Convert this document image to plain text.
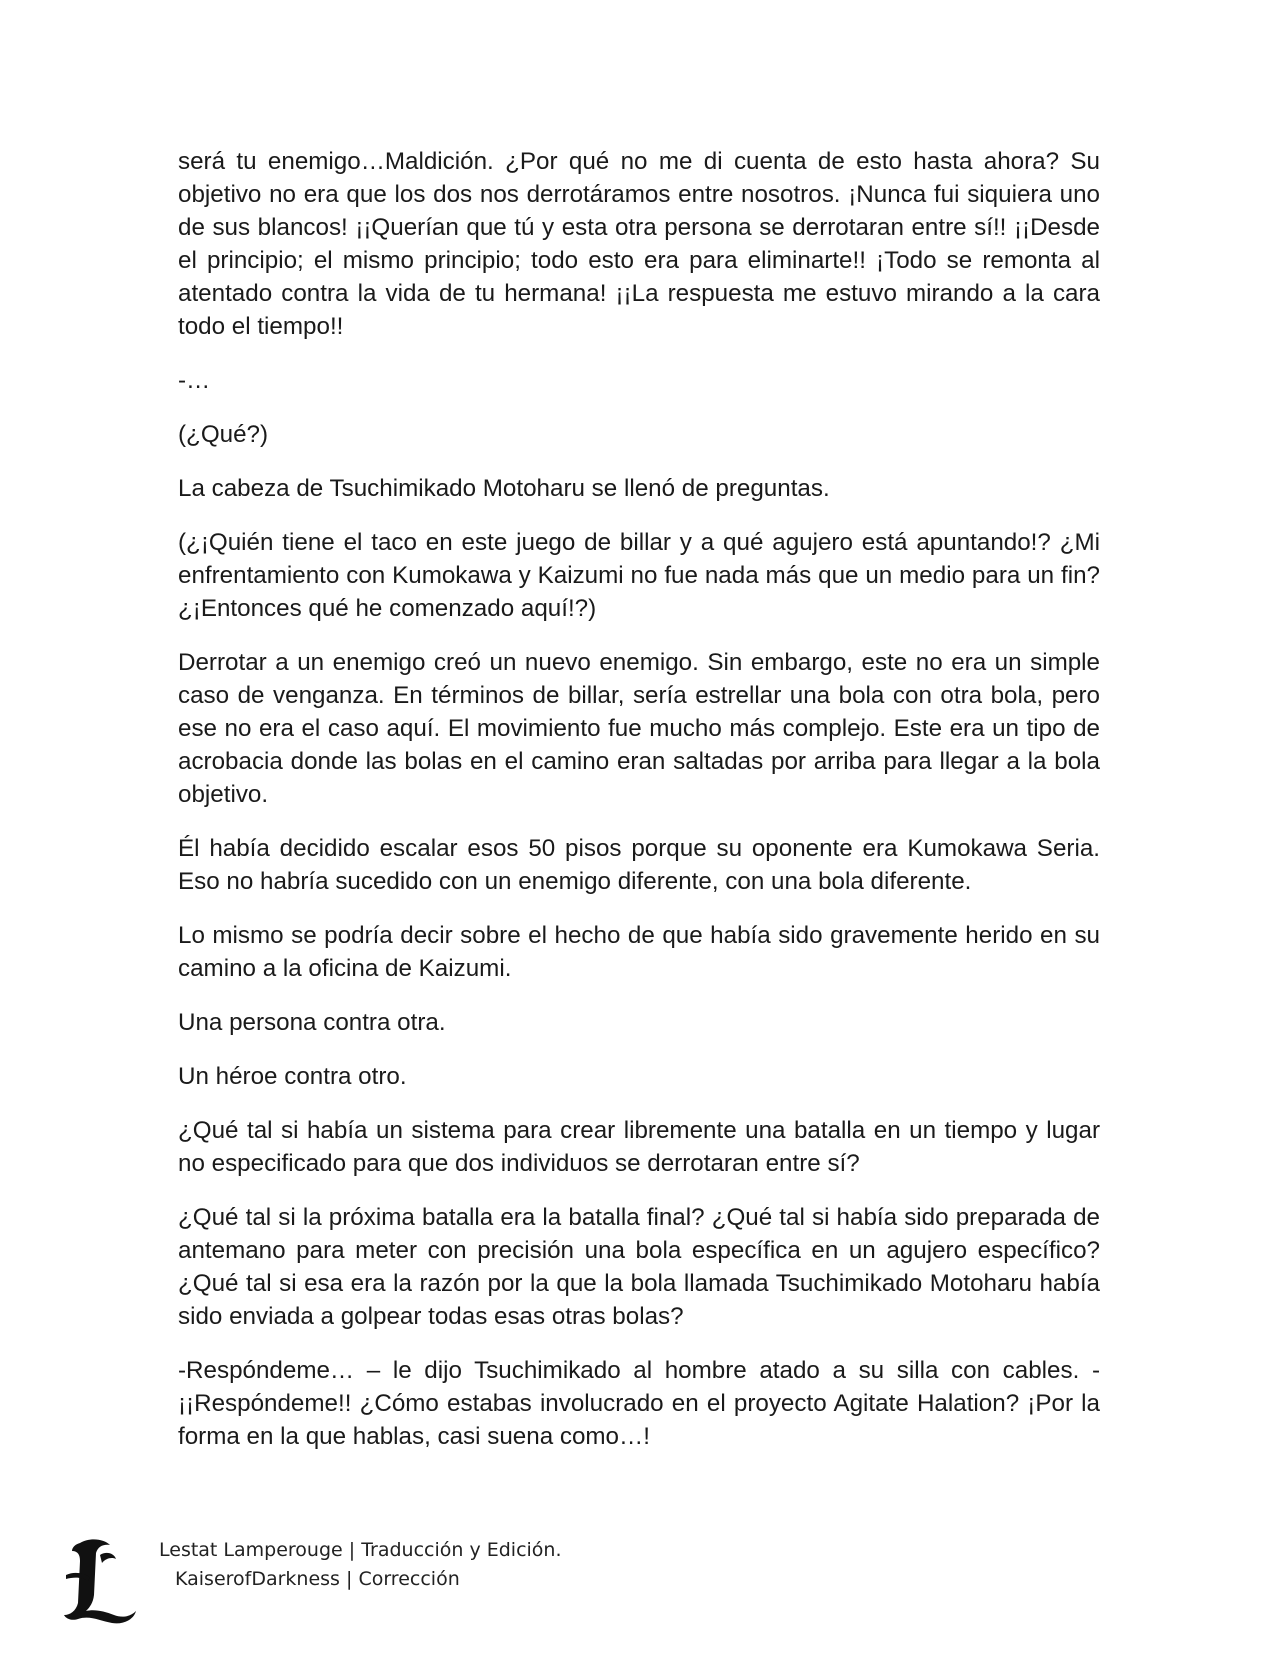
será tu enemigo…Maldición. ¿Por qué no me di cuenta de esto hasta ahora? Su objetivo no era que los dos nos derrotáramos entre nosotros. ¡Nunca fui siquiera uno de sus blancos! ¡¡Querían que tú y esta otra persona se derrotaran entre sí!! ¡¡Desde el principio; el mismo principio; todo esto era para eliminarte!! ¡Todo se remonta al atentado contra la vida de tu hermana! ¡¡La respuesta me estuvo mirando a la cara todo el tiempo!!

-…

(¿Qué?)

La cabeza de Tsuchimikado Motoharu se llenó de preguntas.

(¿¡Quién tiene el taco en este juego de billar y a qué agujero está apuntando!? ¿Mi enfrentamiento con Kumokawa y Kaizumi no fue nada más que un medio para un fin? ¿¡Entonces qué he comenzado aquí!?)

Derrotar a un enemigo creó un nuevo enemigo. Sin embargo, este no era un simple caso de venganza. En términos de billar, sería estrellar una bola con otra bola, pero ese no era el caso aquí. El movimiento fue mucho más complejo. Este era un tipo de acrobacia donde las bolas en el camino eran saltadas por arriba para llegar a la bola objetivo.

Él había decidido escalar esos 50 pisos porque su oponente era Kumokawa Seria. Eso no habría sucedido con un enemigo diferente, con una bola diferente.

Lo mismo se podría decir sobre el hecho de que había sido gravemente herido en su camino a la oficina de Kaizumi.

Una persona contra otra.

Un héroe contra otro.

¿Qué tal si había un sistema para crear libremente una batalla en un tiempo y lugar no especificado para que dos individuos se derrotaran entre sí?

¿Qué tal si la próxima batalla era la batalla final? ¿Qué tal si había sido preparada de antemano para meter con precisión una bola específica en un agujero específico? ¿Qué tal si esa era la razón por la que la bola llamada Tsuchimikado Motoharu había sido enviada a golpear todas esas otras bolas?

-Respóndeme… – le dijo Tsuchimikado al hombre atado a su silla con cables. -¡¡Respóndeme!! ¿Cómo estabas involucrado en el proyecto Agitate Halation? ¡Por la forma en la que hablas, casi suena como…!

Lestat Lamperouge | Traducción y Edición.
KaiserofDarkness | Corrección
